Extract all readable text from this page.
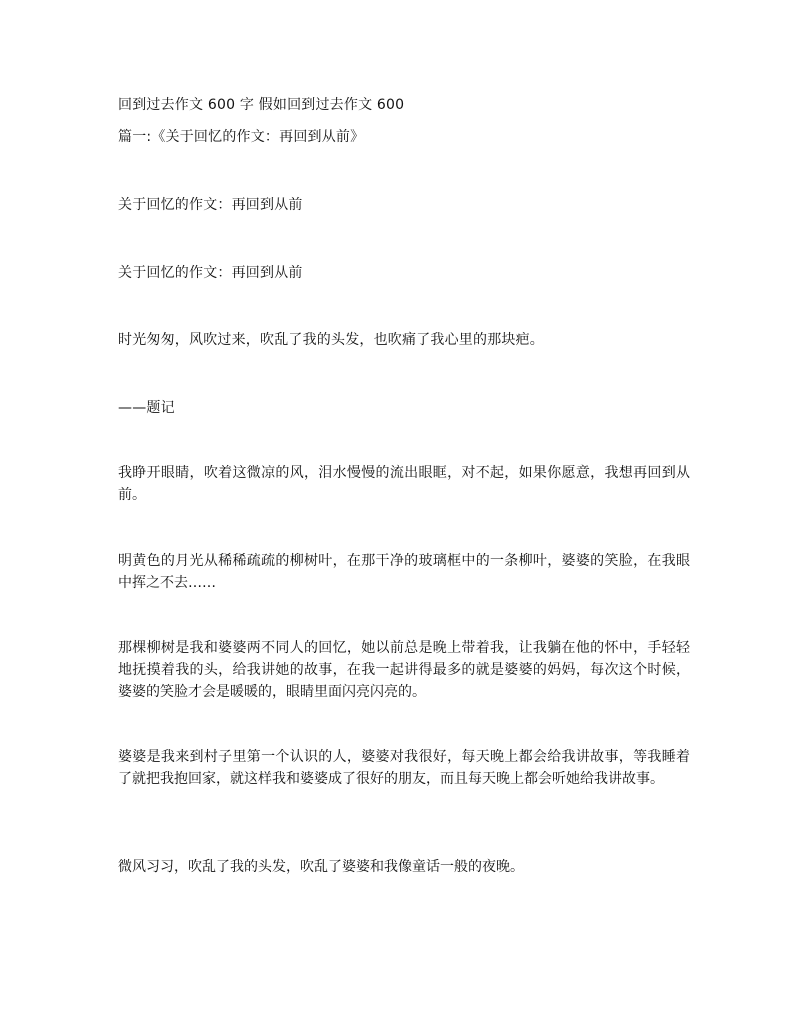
回到过去作文 600 字 假如回到过去作文 600
篇一:《关于回忆的作文：再回到从前》
关于回忆的作文：再回到从前
关于回忆的作文：再回到从前
时光匆匆，风吹过来，吹乱了我的头发，也吹痛了我心里的那块疤。
——题记
我睁开眼睛，吹着这微凉的风，泪水慢慢的流出眼眶，对不起，如果你愿意，我想再回到从前。
明黄色的月光从稀稀疏疏的柳树叶，在那干净的玻璃框中的一条柳叶，婆婆的笑脸，在我眼中挥之不去……
那棵柳树是我和婆婆两不同人的回忆，她以前总是晚上带着我，让我躺在他的怀中，手轻轻地抚摸着我的头，给我讲她的故事，在我一起讲得最多的就是婆婆的妈妈，每次这个时候，婆婆的笑脸才会是暖暖的，眼睛里面闪亮闪亮的。
婆婆是我来到村子里第一个认识的人，婆婆对我很好，每天晚上都会给我讲故事，等我睡着了就把我抱回家，就这样我和婆婆成了很好的朋友，而且每天晚上都会听她给我讲故事。
微风习习，吹乱了我的头发，吹乱了婆婆和我像童话一般的夜晚。
